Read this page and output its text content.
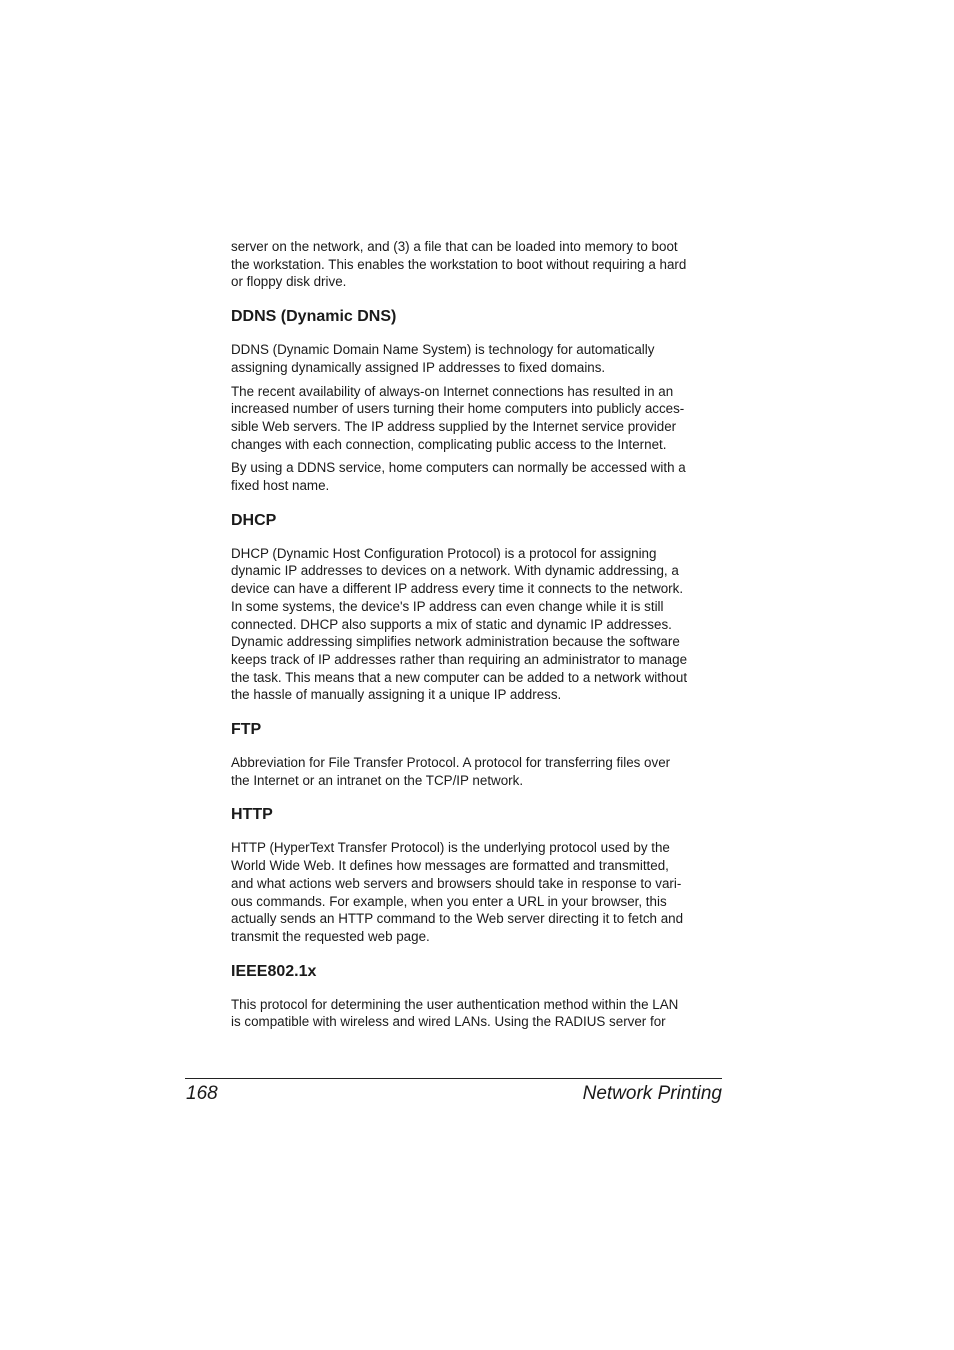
server on the network, and (3) a file that can be loaded into memory to boot
the workstation. This enables the workstation to boot without requiring a hard
or floppy disk drive.

DDNS (Dynamic DNS)

DDNS (Dynamic Domain Name System) is technology for automatically
assigning dynamically assigned IP addresses to fixed domains.

The recent availability of always-on Internet connections has resulted in an
increased number of users turning their home computers into publicly acces-
sible Web servers. The IP address supplied by the Internet service provider
changes with each connection, complicating public access to the Internet.

By using a DDNS service, home computers can normally be accessed with a
fixed host name.

DHCP

DHCP (Dynamic Host Configuration Protocol) is a protocol for assigning
dynamic IP addresses to devices on a network. With dynamic addressing, a
device can have a different IP address every time it connects to the network.
In some systems, the device's IP address can even change while it is still
connected. DHCP also supports a mix of static and dynamic IP addresses.
Dynamic addressing simplifies network administration because the software
keeps track of IP addresses rather than requiring an administrator to manage
the task. This means that a new computer can be added to a network without
the hassle of manually assigning it a unique IP address.

FTP

Abbreviation for File Transfer Protocol. A protocol for transferring files over
the Internet or an intranet on the TCP/IP network.

HTTP

HTTP (HyperText Transfer Protocol) is the underlying protocol used by the
World Wide Web. It defines how messages are formatted and transmitted,
and what actions web servers and browsers should take in response to vari-
ous commands. For example, when you enter a URL in your browser, this
actually sends an HTTP command to the Web server directing it to fetch and
transmit the requested web page.

IEEE802.1x

This protocol for determining the user authentication method within the LAN
is compatible with wireless and wired LANs. Using the RADIUS server for

168	Network Printing
